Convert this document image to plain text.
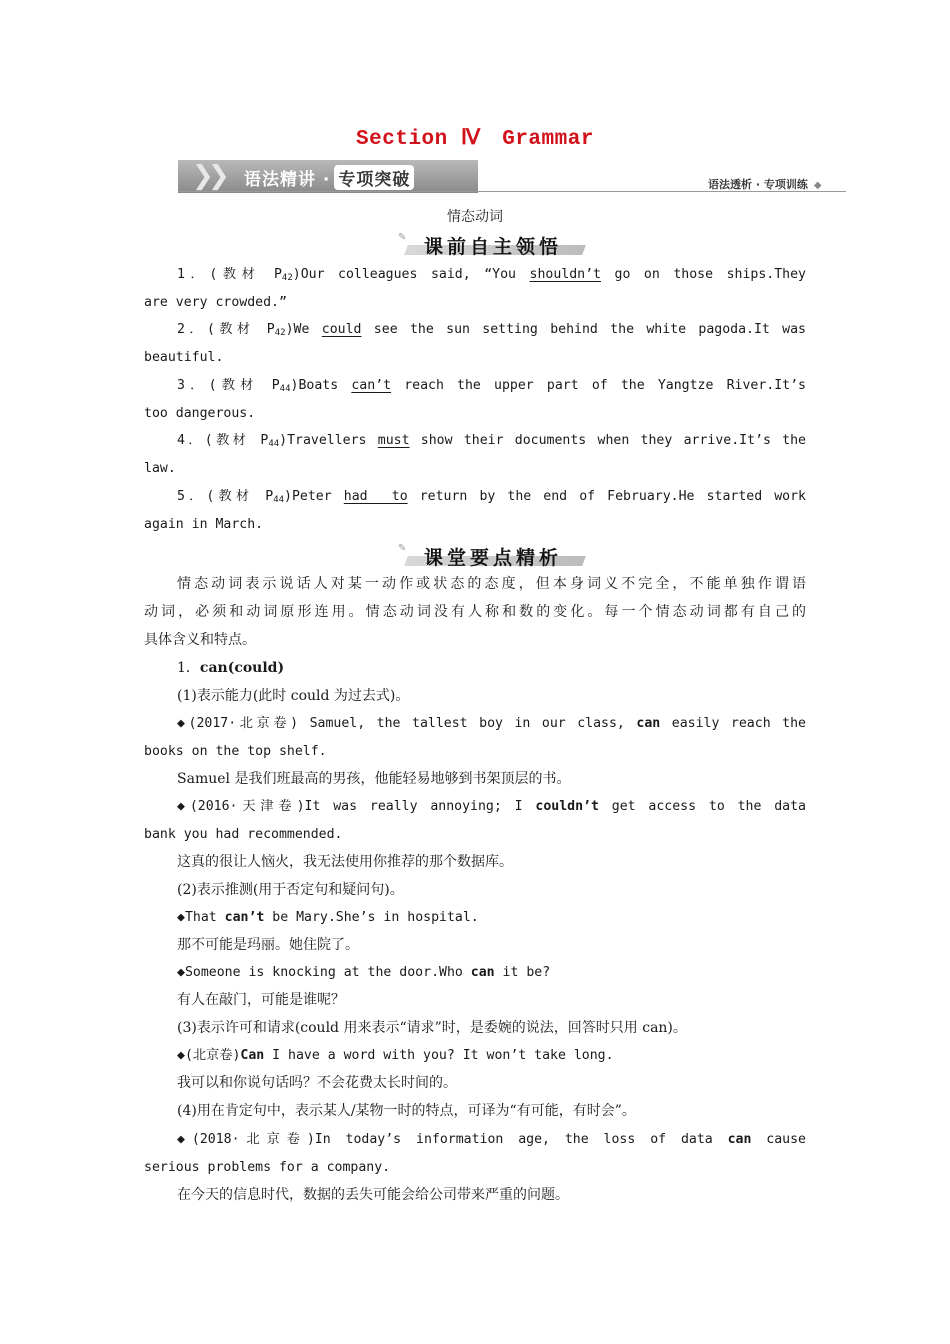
Section Ⅳ　Grammar
❯
❯ 语法精讲 · 专项突破	语法透析 · 专项训练 ◆
情态动词
✎ 课前自主领悟
1．(教材 $P_{42})Our$ colleagues said, “You shouldn’t go on those ships.They
are very crowded.”
2．(教材 $P_{42})We$ could see the sun setting behind the white pagoda.It was
beautiful.
3．(教材 $P_{44})Boats$ can’t reach the upper part of the Yangtze River.It’s
too dangerous.
4．(教材 $P_{44})Travellers$ must show their documents when they arrive.It’s the
law.
5．(教材 $P_{44})Peter$ had  to return by the end of February.He started work
again in March.
✎ 课堂要点精析
情态动词表示说话人对某一动作或状态的态度，但本身词义不完全，不能单独作谓语
动词，必须和动词原形连用。情态动词没有人称和数的变化。每一个情态动词都有自己的
具体含义和特点。
1．can(could)
(1)表示能力(此时 could 为过去式)。
◆(2017·北京卷) Samuel, the tallest boy in our class, can easily reach the
books on the top shelf.
Samuel 是我们班最高的男孩，他能轻易地够到书架顶层的书。
◆(2016·天津卷)It was really annoying; I couldn’t get access to the data
bank you had recommended.
这真的很让人恼火，我无法使用你推荐的那个数据库。
(2)表示推测(用于否定句和疑问句)。
◆That can’t be Mary.She’s in hospital.
那不可能是玛丽。她住院了。
◆Someone is knocking at the door.Who can it be?
有人在敲门，可能是谁呢？
(3)表示许可和请求(could 用来表示“请求”时，是委婉的说法，回答时只用 can)。
◆(北京卷)Can I have a word with you? It won’t take long.
我可以和你说句话吗？不会花费太长时间的。
(4)用在肯定句中，表示某人/某物一时的特点，可译为“有可能，有时会”。
◆(2018·北京卷)In today’s information age, the loss of data can cause
serious problems for a company.
在今天的信息时代，数据的丢失可能会给公司带来严重的问题。
